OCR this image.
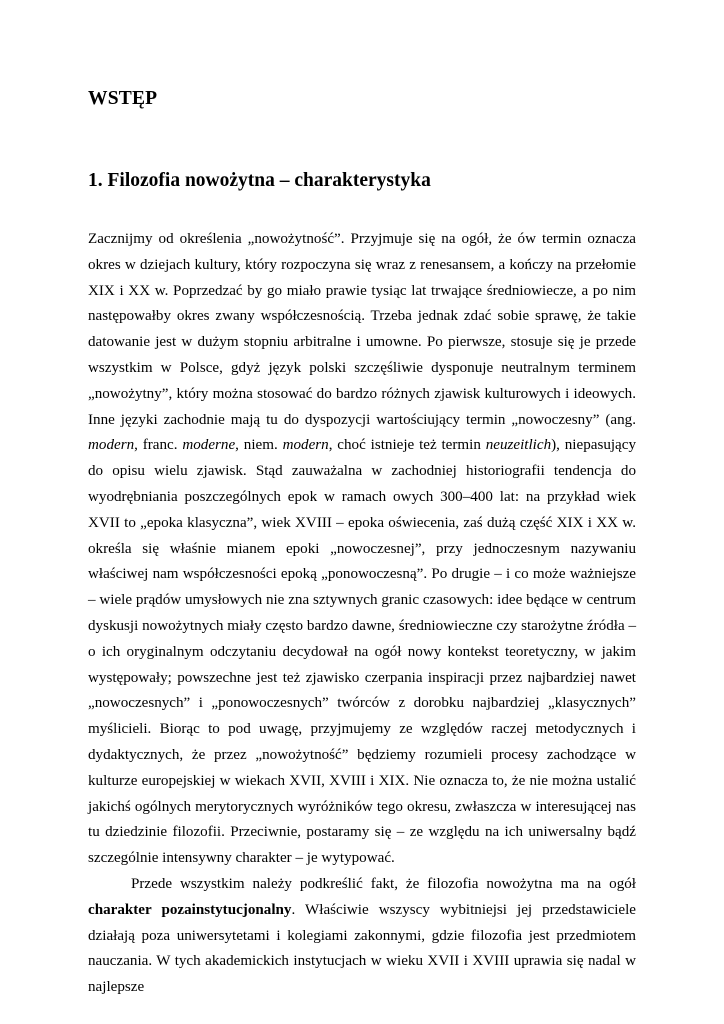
WSTĘP
1. Filozofia nowożytna – charakterystyka

Zacznijmy od określenia „nowożytność”. Przyjmuje się na ogół, że ów termin oznacza okres w dziejach kultury, który rozpoczyna się wraz z renesansem, a kończy na przełomie XIX i XX w. Poprzedzać by go miało prawie tysiąc lat trwające średniowiecze, a po nim następowałby okres zwany współczesnością. Trzeba jednak zdać sobie sprawę, że takie datowanie jest w dużym stopniu arbitralne i umowne. Po pierwsze, stosuje się je przede wszystkim w Polsce, gdyż język polski szczęśliwie dysponuje neutralnym terminem „nowożytny”, który można stosować do bardzo różnych zjawisk kulturowych i ideowych. Inne języki zachodnie mają tu do dyspozycji wartościujący termin „nowoczesny” (ang. modern, franc. moderne, niem. modern, choć istnieje też termin neuzeitlich), niepasujący do opisu wielu zjawisk. Stąd zauważalna w zachodniej historiografii tendencja do wyodrębniania poszczególnych epok w ramach owych 300–400 lat: na przykład wiek XVII to „epoka klasyczna”, wiek XVIII – epoka oświecenia, zaś dużą część XIX i XX w. określa się właśnie mianem epoki „nowoczesnej”, przy jednoczesnym nazywaniu właściwej nam współczesności epoką „ponowoczesną”. Po drugie – i co może ważniejsze – wiele prądów umysłowych nie zna sztywnych granic czasowych: idee będące w centrum dyskusji nowożytnych miały często bardzo dawne, średniowieczne czy starożytne źródła – o ich oryginalnym odczytaniu decydował na ogół nowy kontekst teoretyczny, w jakim występowały; powszechne jest też zjawisko czerpania inspiracji przez najbardziej nawet „nowoczesnych” i „ponowoczesnych” twórców z dorobku najbardziej „klasycznych” myślicieli. Biorąc to pod uwagę, przyjmujemy ze względów raczej metodycznych i dydaktycznych, że przez „nowożytność” będziemy rozumieli procesy zachodzące w kulturze europejskiej w wiekach XVII, XVIII i XIX. Nie oznacza to, że nie można ustalić jakichś ogólnych merytorycznych wyróżników tego okresu, zwłaszcza w interesującej nas tu dziedzinie filozofii. Przeciwnie, postaramy się – ze względu na ich uniwersalny bądź szczególnie intensywny charakter – je wytypować.

Przede wszystkim należy podkreślić fakt, że filozofia nowożytna ma na ogół charakter pozainstytucjonalny. Właściwie wszyscy wybitniejsi jej przedstawiciele działają poza uniwersytetami i kolegiami zakonnymi, gdzie filozofia jest przedmiotem nauczania. W tych akademickich instytucjach w wieku XVII i XVIII uprawia się nadal w najlepsze
